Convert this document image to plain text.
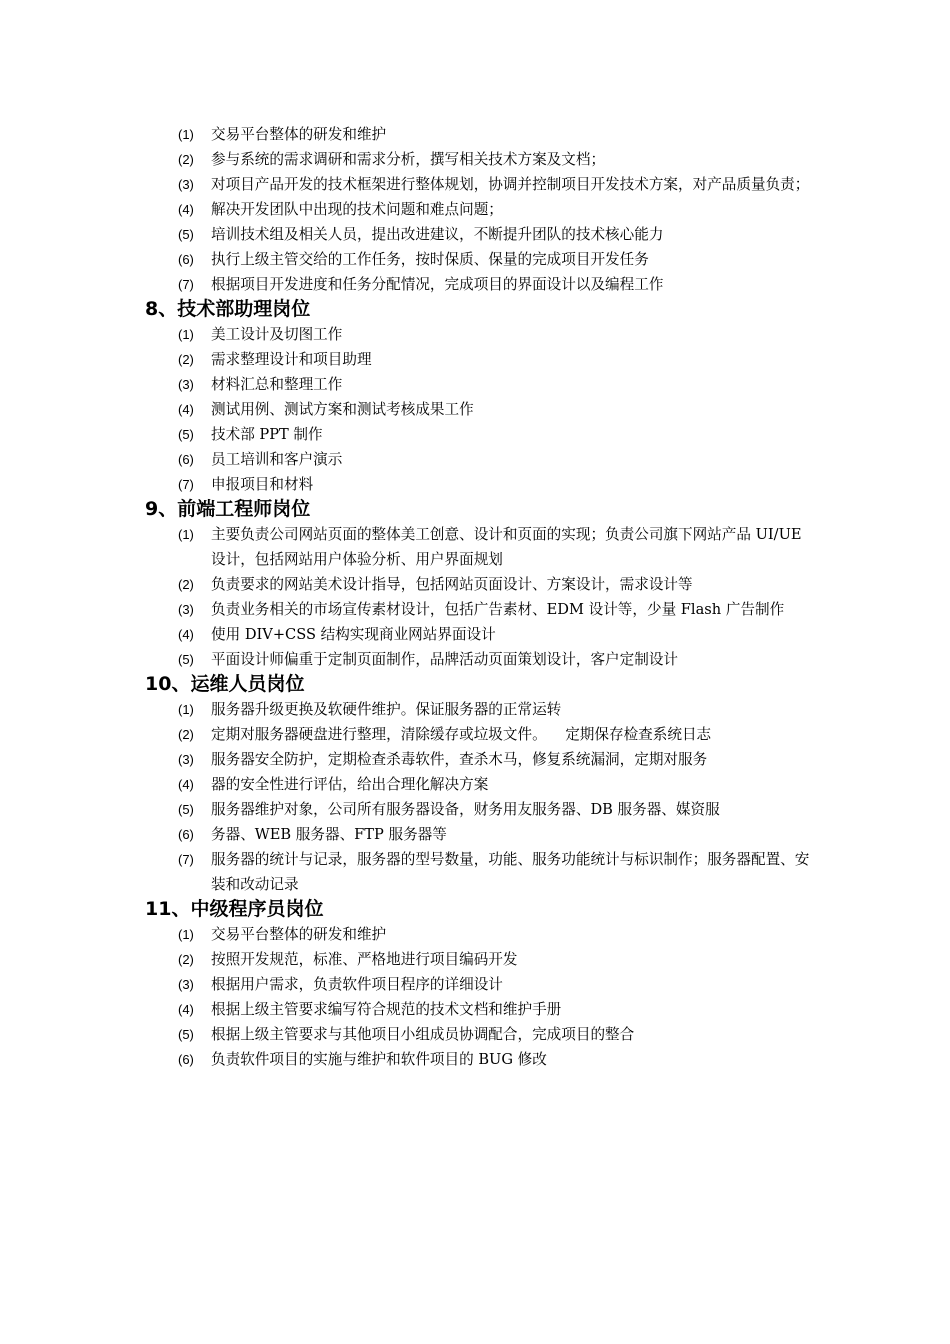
(1) 交易平台整体的研发和维护
(2) 参与系统的需求调研和需求分析，撰写相关技术方案及文档；
(3) 对项目产品开发的技术框架进行整体规划，协调并控制项目开发技术方案，对产品质量负责；
(4) 解决开发团队中出现的技术问题和难点问题；
(5) 培训技术组及相关人员，提出改进建议，不断提升团队的技术核心能力
(6) 执行上级主管交给的工作任务，按时保质、保量的完成项目开发任务
(7) 根据项目开发进度和任务分配情况，完成项目的界面设计以及编程工作
8、技术部助理岗位
(1) 美工设计及切图工作
(2) 需求整理设计和项目助理
(3) 材料汇总和整理工作
(4) 测试用例、测试方案和测试考核成果工作
(5) 技术部 PPT 制作
(6) 员工培训和客户演示
(7) 申报项目和材料
9、前端工程师岗位
(1) 主要负责公司网站页面的整体美工创意、设计和页面的实现；负责公司旗下网站产品 UI/UE 设计，包括网站用户体验分析、用户界面规划
(2) 负责要求的网站美术设计指导，包括网站页面设计、方案设计，需求设计等
(3) 负责业务相关的市场宣传素材设计，包括广告素材、EDM 设计等，少量 Flash 广告制作
(4) 使用 DIV+CSS 结构实现商业网站界面设计
(5) 平面设计师偏重于定制页面制作，品牌活动页面策划设计，客户定制设计
10、运维人员岗位
(1) 服务器升级更换及软硬件维护。保证服务器的正常运转
(2) 定期对服务器硬盘进行整理，清除缓存或垃圾文件。    定期保存检查系统日志
(3) 服务器安全防护，定期检查杀毒软件，查杀木马，修复系统漏洞，定期对服务
(4) 器的安全性进行评估，给出合理化解决方案
(5) 服务器维护对象，公司所有服务器设备，财务用友服务器、DB 服务器、媒资服
(6) 务器、WEB 服务器、FTP 服务器等
(7) 服务器的统计与记录，服务器的型号数量，功能、服务功能统计与标识制作；服务器配置、安装和改动记录
11、中级程序员岗位
(1) 交易平台整体的研发和维护
(2) 按照开发规范，标准、严格地进行项目编码开发
(3) 根据用户需求，负责软件项目程序的详细设计
(4) 根据上级主管要求编写符合规范的技术文档和维护手册
(5) 根据上级主管要求与其他项目小组成员协调配合，完成项目的整合
(6) 负责软件项目的实施与维护和软件项目的 BUG 修改
